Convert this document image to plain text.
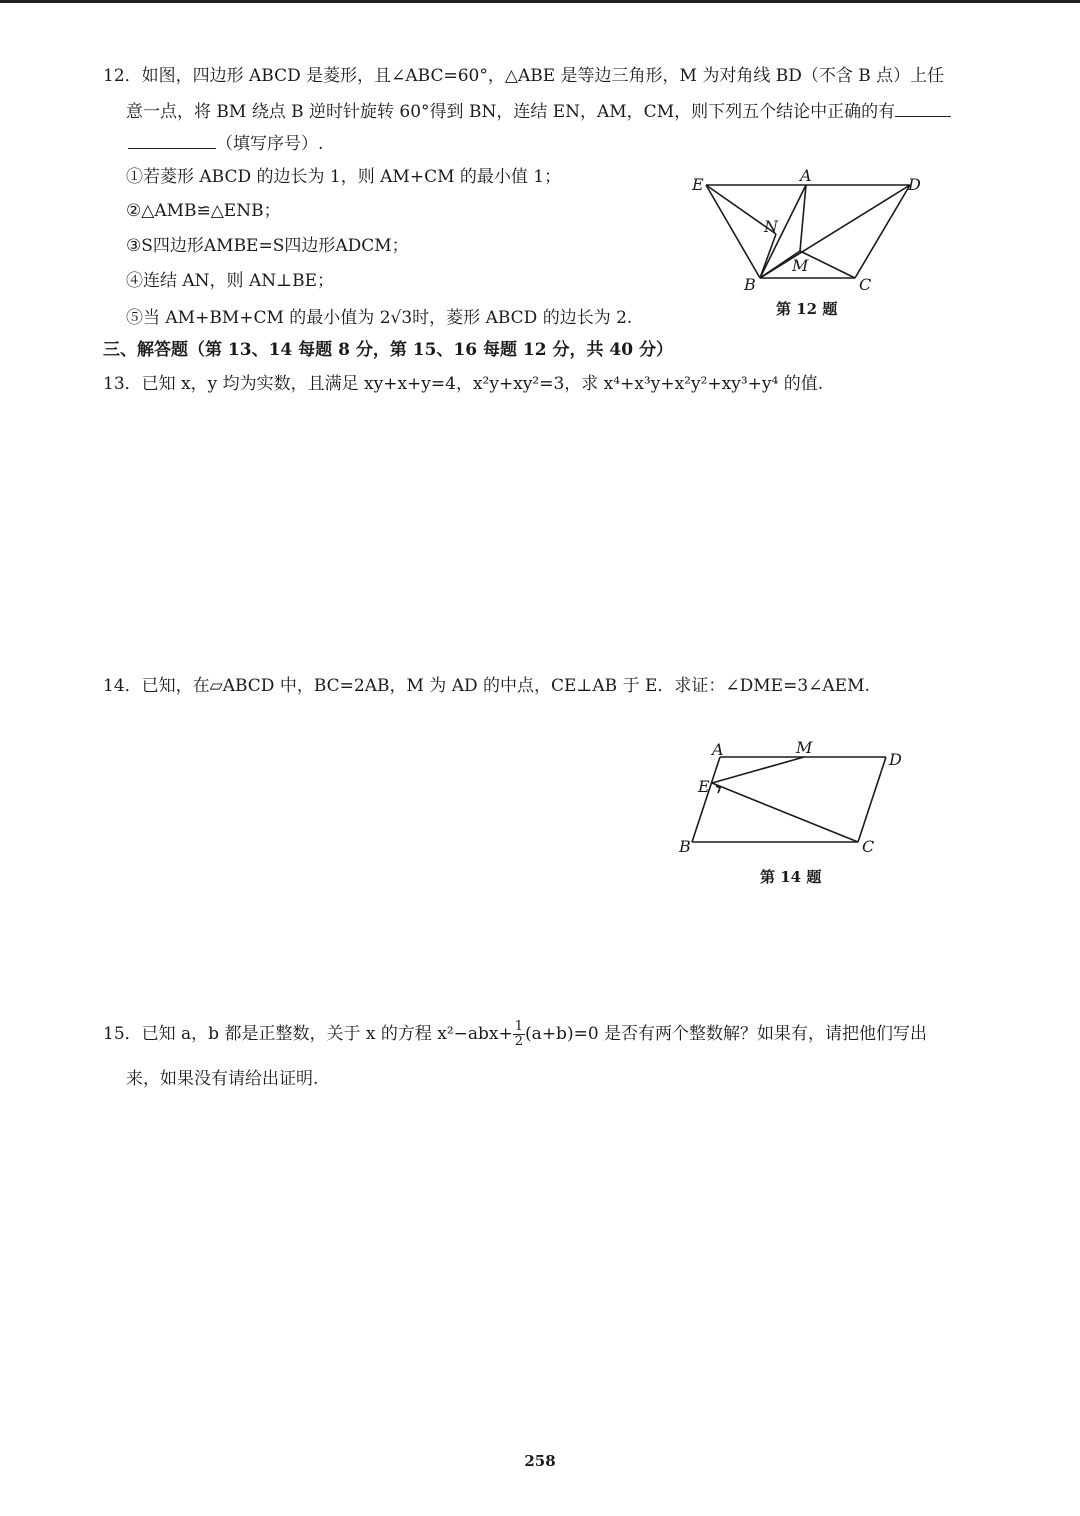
12．如图，四边形 ABCD 是菱形，且∠ABC=60°，△ABE 是等边三角形，M 为对角线 BD（不含 B 点）上任
意一点，将 BM 绕点 B 逆时针旋转 60°得到 BN，连结 EN，AM，CM，则下列五个结论中正确的有
（填写序号）.
①若菱形 ABCD 的边长为 1，则 AM+CM 的最小值 1；
②△AMB≌△ENB；
③S四边形AMBE=S四边形ADCM；
④连结 AN，则 AN⊥BE；
⑤当 AM+BM+CM 的最小值为 2√3时，菱形 ABCD 的边长为 2.
E	A	D
N
M
B	C
第 12 题
三、解答题（第 13、14 每题 8 分，第 15、16 每题 12 分，共 40 分）
13．已知 x，y 均为实数，且满足 xy+x+y=4，x²y+xy²=3，求 x⁴+x³y+x²y²+xy³+y⁴ 的值.
14．已知，在▱ABCD 中，BC=2AB，M 为 AD 的中点，CE⊥AB 于 E．求证：∠DME=3∠AEM.
A	M
D
E
B	C
第 14 题
15．已知 a，b 都是正整数，关于 x 的方程 $x^2-abx+ \frac{1}{2} (a+b)=0$ 是否有两个整数解？如果有，请把他们写出
来，如果没有请给出证明.
258
